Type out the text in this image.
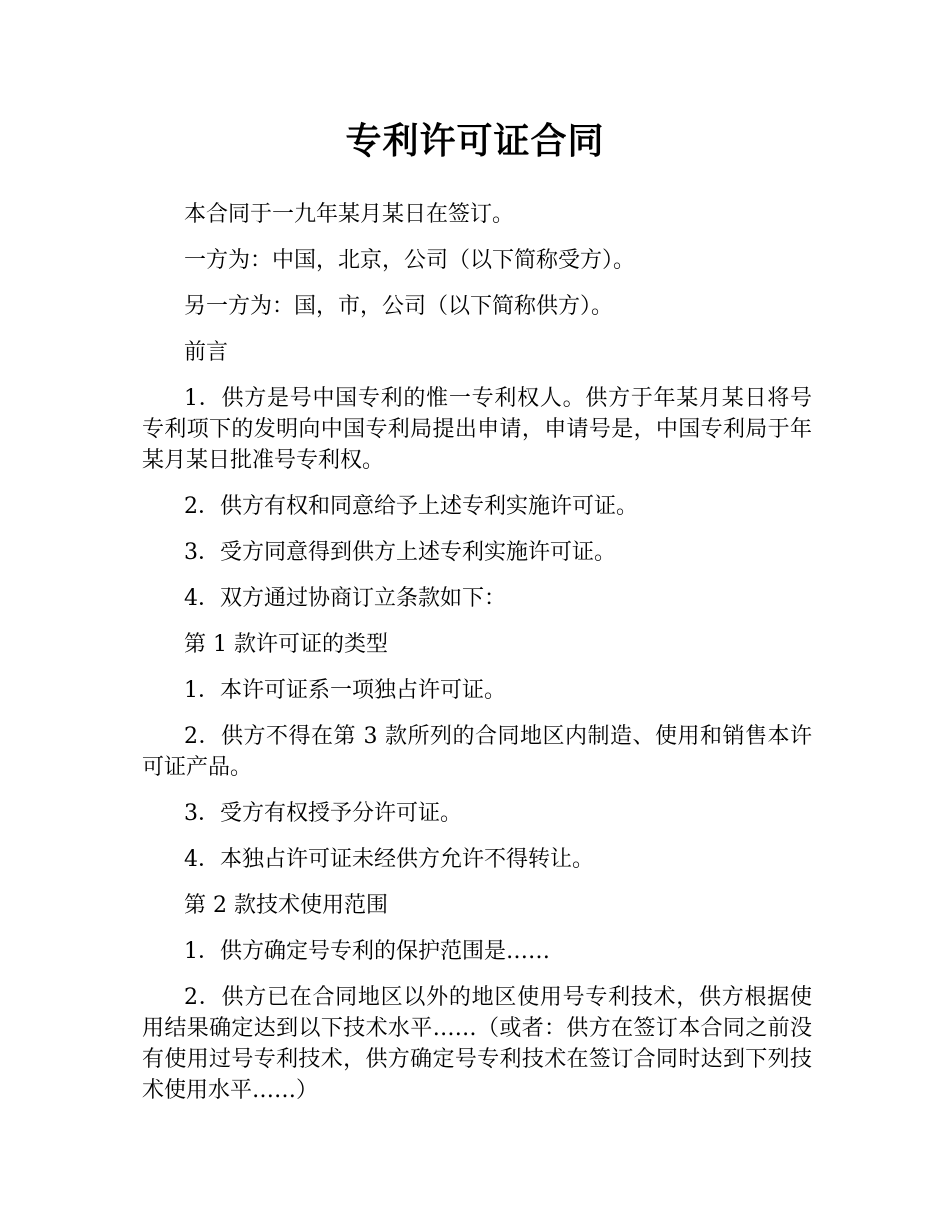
专利许可证合同

本合同于一九年某月某日在签订。

一方为：中国，北京，公司（以下简称受方）。

另一方为：国，市，公司（以下简称供方）。

前言

1．供方是号中国专利的惟一专利权人。供方于年某月某日将号专利项下的发明向中国专利局提出申请，申请号是，中国专利局于年某月某日批准号专利权。

2．供方有权和同意给予上述专利实施许可证。

3．受方同意得到供方上述专利实施许可证。

4．双方通过协商订立条款如下：

第 1 款许可证的类型

1．本许可证系一项独占许可证。

2．供方不得在第 3 款所列的合同地区内制造、使用和销售本许可证产品。

3．受方有权授予分许可证。

4．本独占许可证未经供方允许不得转让。

第 2 款技术使用范围

1．供方确定号专利的保护范围是……

2．供方已在合同地区以外的地区使用号专利技术，供方根据使用结果确定达到以下技术水平……（或者：供方在签订本合同之前没有使用过号专利技术，供方确定号专利技术在签订合同时达到下列技术使用水平……）
